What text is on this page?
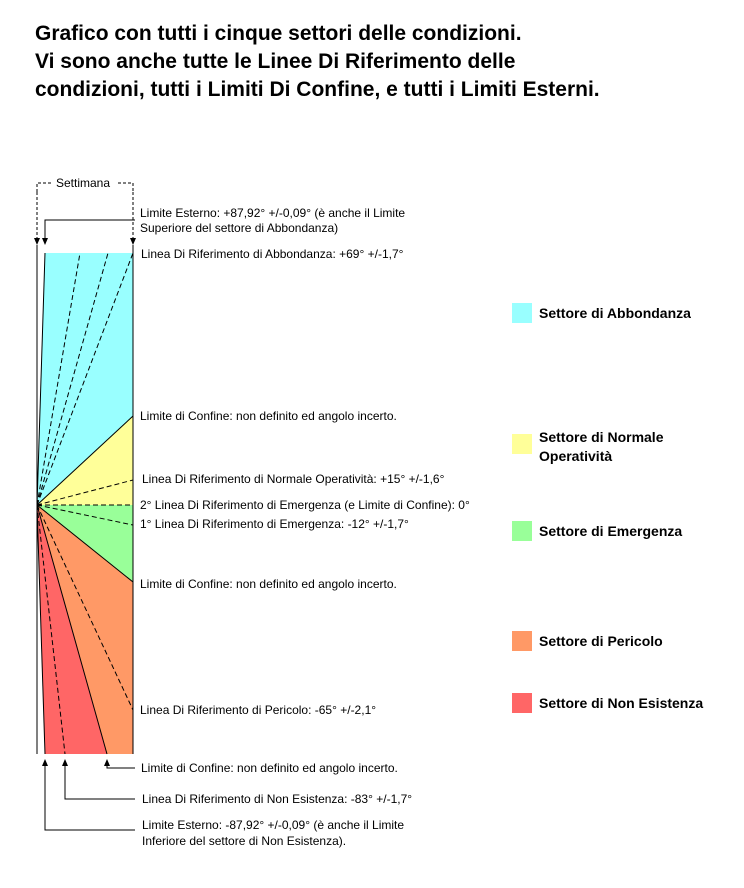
Grafico con tutti i cinque settori delle condizioni.
Vi sono anche tutte le Linee Di Riferimento delle
condizioni, tutti i Limiti Di Confine, e tutti i Limiti Esterni.
Settimana
Limite Esterno: +87,92° +/-0,09° (è anche il Limite
Superiore del settore di Abbondanza)
Linea Di Riferimento di Abbondanza: +69° +/-1,7°
Limite di Confine: non definito ed angolo incerto.
Linea Di Riferimento di Normale Operatività: +15° +/-1,6°
2° Linea Di Riferimento di Emergenza (e Limite di Confine): 0°
1° Linea Di Riferimento di Emergenza: -12° +/-1,7°
Limite di Confine: non definito ed angolo incerto.
Linea Di Riferimento di Pericolo: -65° +/-2,1°
Limite di Confine: non definito ed angolo incerto.
Linea Di Riferimento di Non Esistenza: -83° +/-1,7°
Limite Esterno: -87,92° +/-0,09° (è anche il Limite
Inferiore del settore di Non Esistenza).
Settore di Abbondanza
Settore di Normale
Operatività
Settore di Emergenza
Settore di Pericolo
Settore di Non Esistenza
